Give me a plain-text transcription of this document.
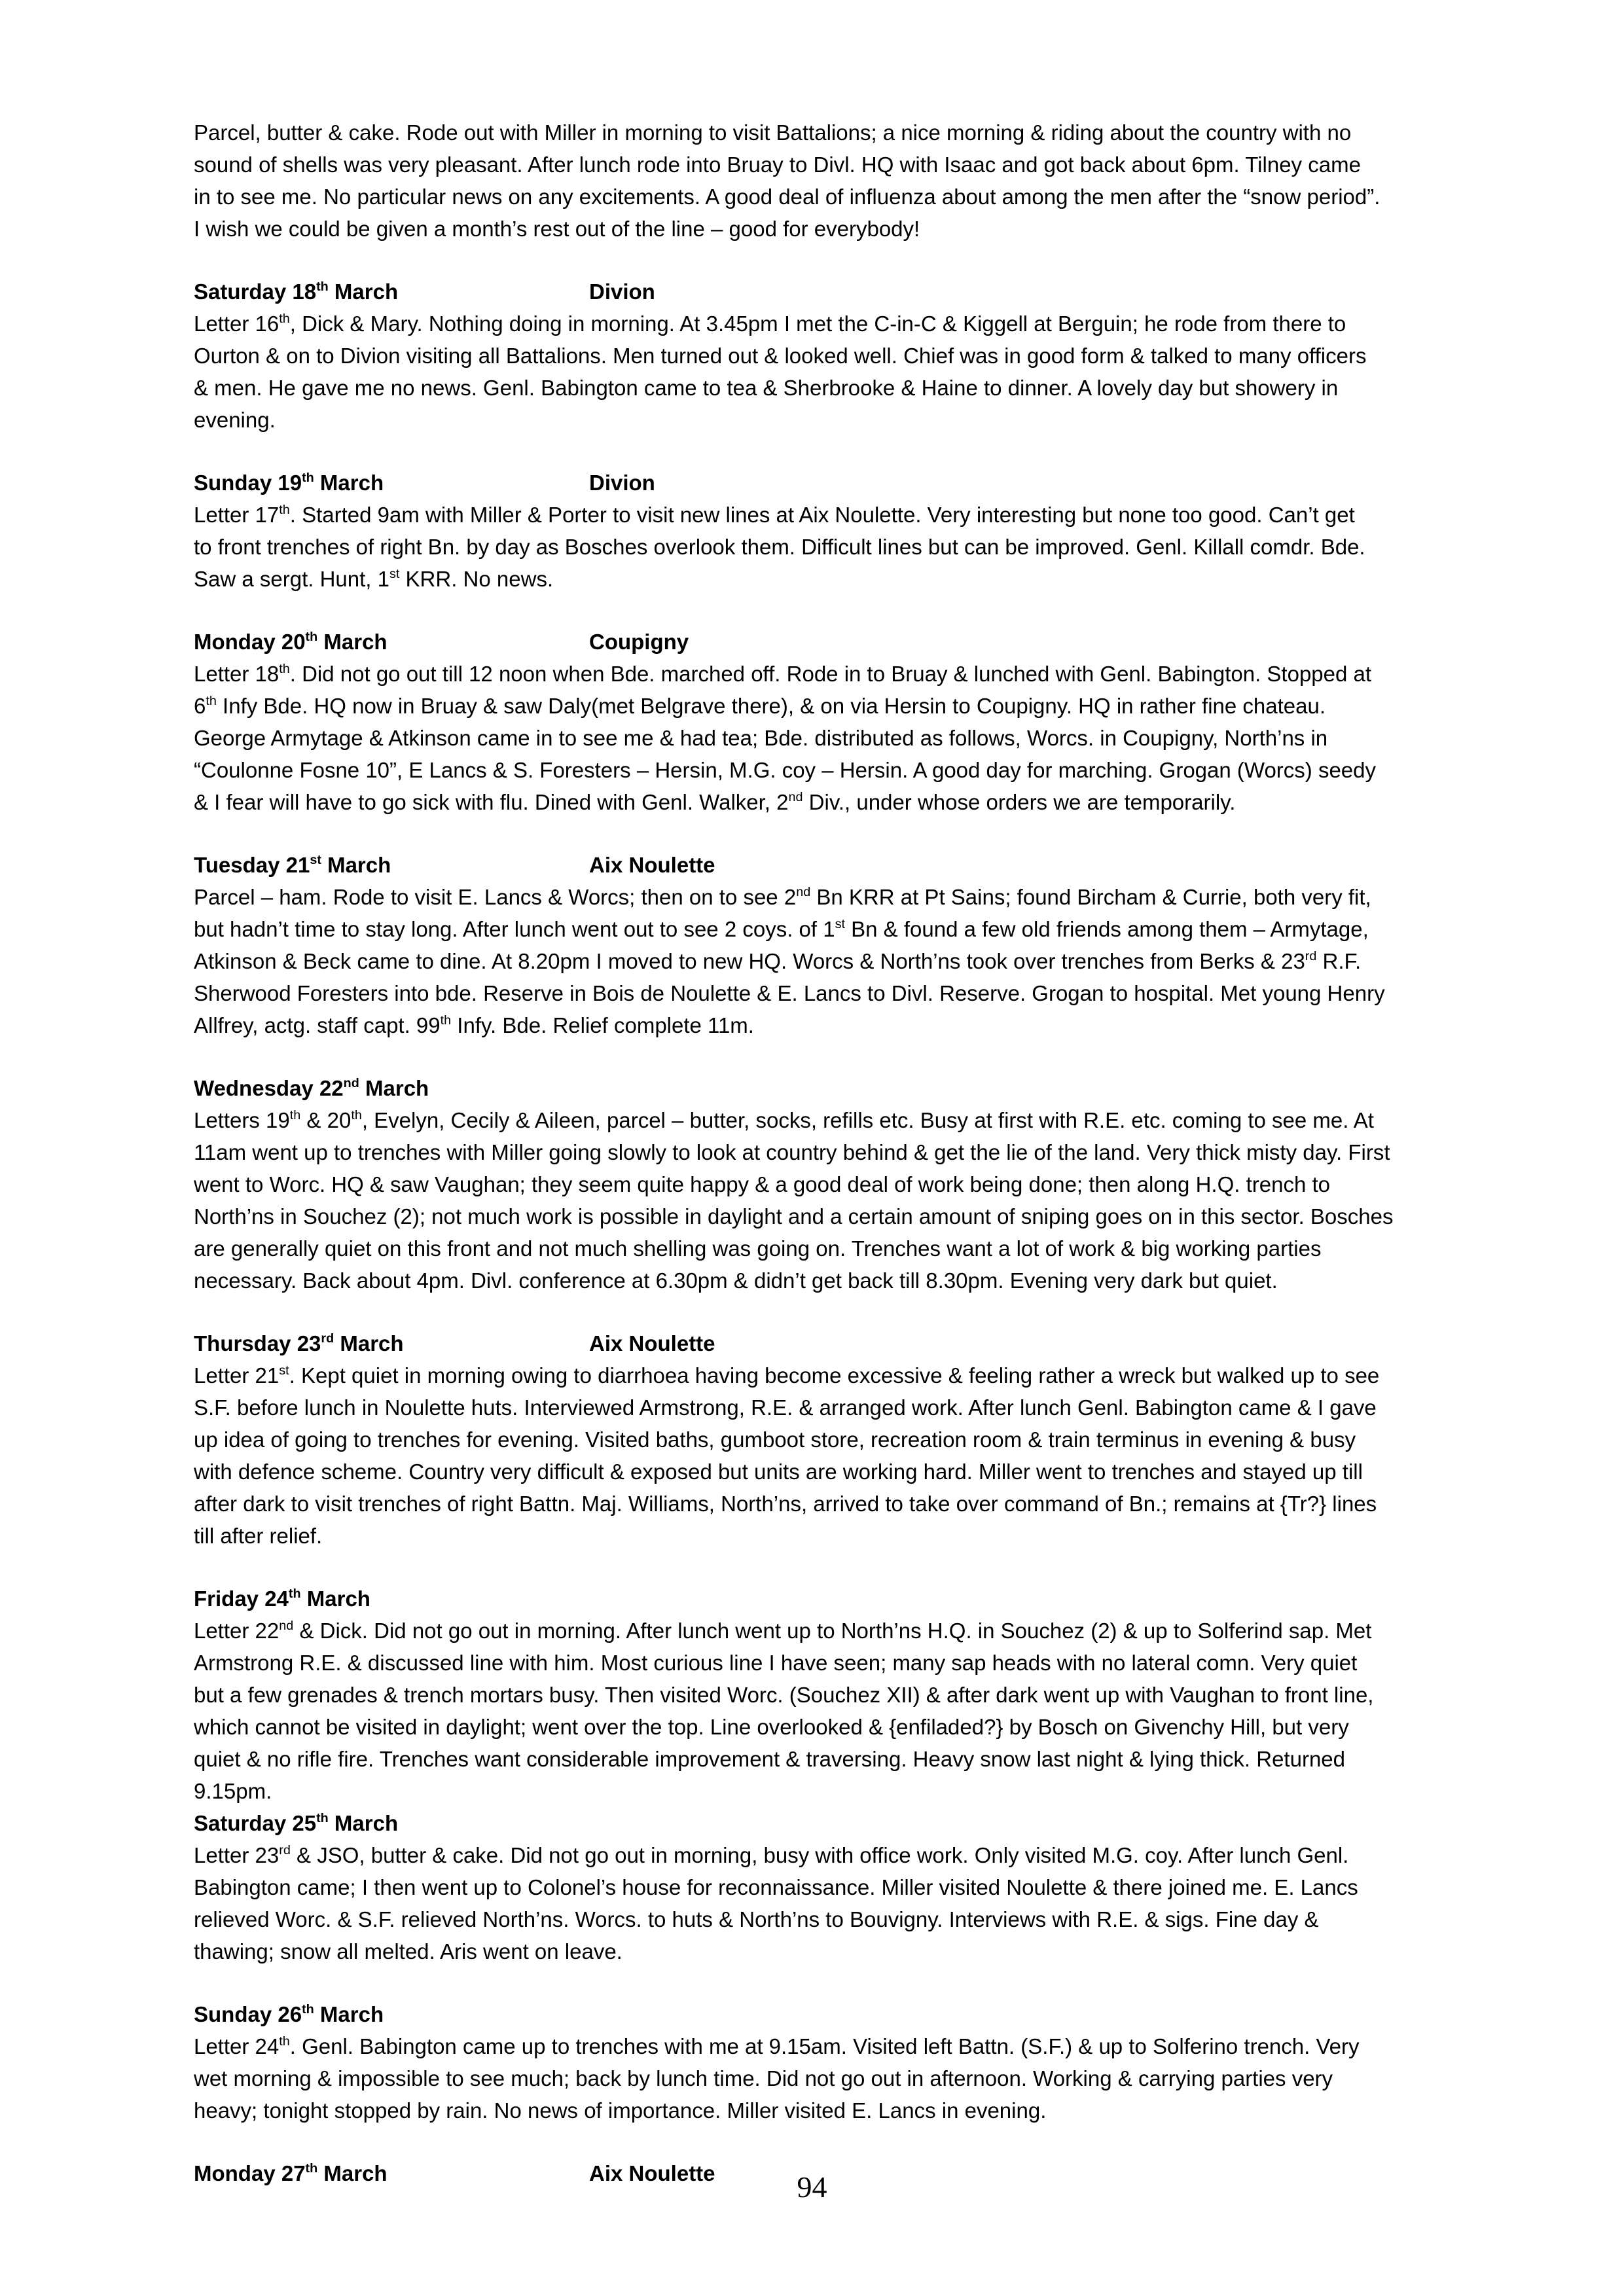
Parcel, butter & cake. Rode out with Miller in morning to visit Battalions; a nice morning & riding about the country with no
sound of shells was very pleasant. After lunch rode into Bruay to Divl. HQ with Isaac and got back about 6pm. Tilney came
in to see me. No particular news on any excitements. A good deal of influenza about among the men after the “snow period”.
I wish we could be given a month’s rest out of the line – good for everybody!
Saturday 18th March	Divion
Letter 16th, Dick & Mary. Nothing doing in morning. At 3.45pm I met the C-in-C & Kiggell at Berguin; he rode from there to
Ourton & on to Divion visiting all Battalions. Men turned out & looked well. Chief was in good form & talked to many officers
& men. He gave me no news. Genl. Babington came to tea & Sherbrooke & Haine to dinner. A lovely day but showery in
evening.
Sunday 19th March	Divion
Letter 17th. Started 9am with Miller & Porter to visit new lines at Aix Noulette. Very interesting but none too good. Can’t get
to front trenches of right Bn. by day as Bosches overlook them. Difficult lines but can be improved. Genl. Killall comdr. Bde.
Saw a sergt. Hunt, 1st KRR. No news.
Monday 20th March	Coupigny
Letter 18th. Did not go out till 12 noon when Bde. marched off. Rode in to Bruay & lunched with Genl. Babington. Stopped at
6th Infy Bde. HQ now in Bruay & saw Daly(met Belgrave there), & on via Hersin to Coupigny. HQ in rather fine chateau.
George Armytage & Atkinson came in to see me & had tea; Bde. distributed as follows, Worcs. in Coupigny, North’ns in
“Coulonne Fosne 10”, E Lancs & S. Foresters – Hersin, M.G. coy – Hersin. A good day for marching. Grogan (Worcs) seedy
& I fear will have to go sick with flu. Dined with Genl. Walker, 2nd Div., under whose orders we are temporarily.
Tuesday 21st March	Aix Noulette
Parcel – ham. Rode to visit E. Lancs & Worcs; then on to see 2nd Bn KRR at Pt Sains; found Bircham & Currie, both very fit,
but hadn’t time to stay long. After lunch went out to see 2 coys. of 1st Bn & found a few old friends among them – Armytage,
Atkinson & Beck came to dine. At 8.20pm I moved to new HQ. Worcs & North’ns took over trenches from Berks & 23rd R.F.
Sherwood Foresters into bde. Reserve in Bois de Noulette & E. Lancs to Divl. Reserve. Grogan to hospital. Met young Henry
Allfrey, actg. staff capt. 99th Infy. Bde. Relief complete 11m.
Wednesday 22nd March
Letters 19th & 20th, Evelyn, Cecily & Aileen, parcel – butter, socks, refills etc. Busy at first with R.E. etc. coming to see me. At
11am went up to trenches with Miller going slowly to look at country behind & get the lie of the land. Very thick misty day. First
went to Worc. HQ & saw Vaughan; they seem quite happy & a good deal of work being done; then along H.Q. trench to
North’ns in Souchez (2); not much work is possible in daylight and a certain amount of sniping goes on in this sector. Bosches
are generally quiet on this front and not much shelling was going on. Trenches want a lot of work & big working parties
necessary. Back about 4pm. Divl. conference at 6.30pm & didn’t get back till 8.30pm. Evening very dark but quiet.
Thursday 23rd March	Aix Noulette
Letter 21st. Kept quiet in morning owing to diarrhoea having become excessive & feeling rather a wreck but walked up to see
S.F. before lunch in Noulette huts. Interviewed Armstrong, R.E. & arranged work. After lunch Genl. Babington came & I gave
up idea of going to trenches for evening. Visited baths, gumboot store, recreation room & train terminus in evening & busy
with defence scheme. Country very difficult & exposed but units are working hard. Miller went to trenches and stayed up till
after dark to visit trenches of right Battn. Maj. Williams, North’ns, arrived to take over command of Bn.; remains at {Tr?} lines
till after relief.
Friday 24th March
Letter 22nd & Dick. Did not go out in morning. After lunch went up to North’ns H.Q. in Souchez (2) & up to Solferind sap. Met
Armstrong R.E. & discussed line with him. Most curious line I have seen; many sap heads with no lateral comn. Very quiet
but a few grenades & trench mortars busy. Then visited Worc. (Souchez XII) & after dark went up with Vaughan to front line,
which cannot be visited in daylight; went over the top. Line overlooked & {enfiladed?} by Bosch on Givenchy Hill, but very
quiet & no rifle fire. Trenches want considerable improvement & traversing. Heavy snow last night & lying thick. Returned
9.15pm.
Saturday 25th March
Letter 23rd & JSO, butter & cake. Did not go out in morning, busy with office work. Only visited M.G. coy. After lunch Genl.
Babington came; I then went up to Colonel’s house for reconnaissance. Miller visited Noulette & there joined me. E. Lancs
relieved Worc. & S.F. relieved North’ns. Worcs. to huts & North’ns to Bouvigny. Interviews with R.E. & sigs. Fine day &
thawing; snow all melted. Aris went on leave.
Sunday 26th March
Letter 24th. Genl. Babington came up to trenches with me at 9.15am. Visited left Battn. (S.F.) & up to Solferino trench. Very
wet morning & impossible to see much; back by lunch time. Did not go out in afternoon. Working & carrying parties very
heavy; tonight stopped by rain. No news of importance. Miller visited E. Lancs in evening.
Monday 27th March	Aix Noulette	94
